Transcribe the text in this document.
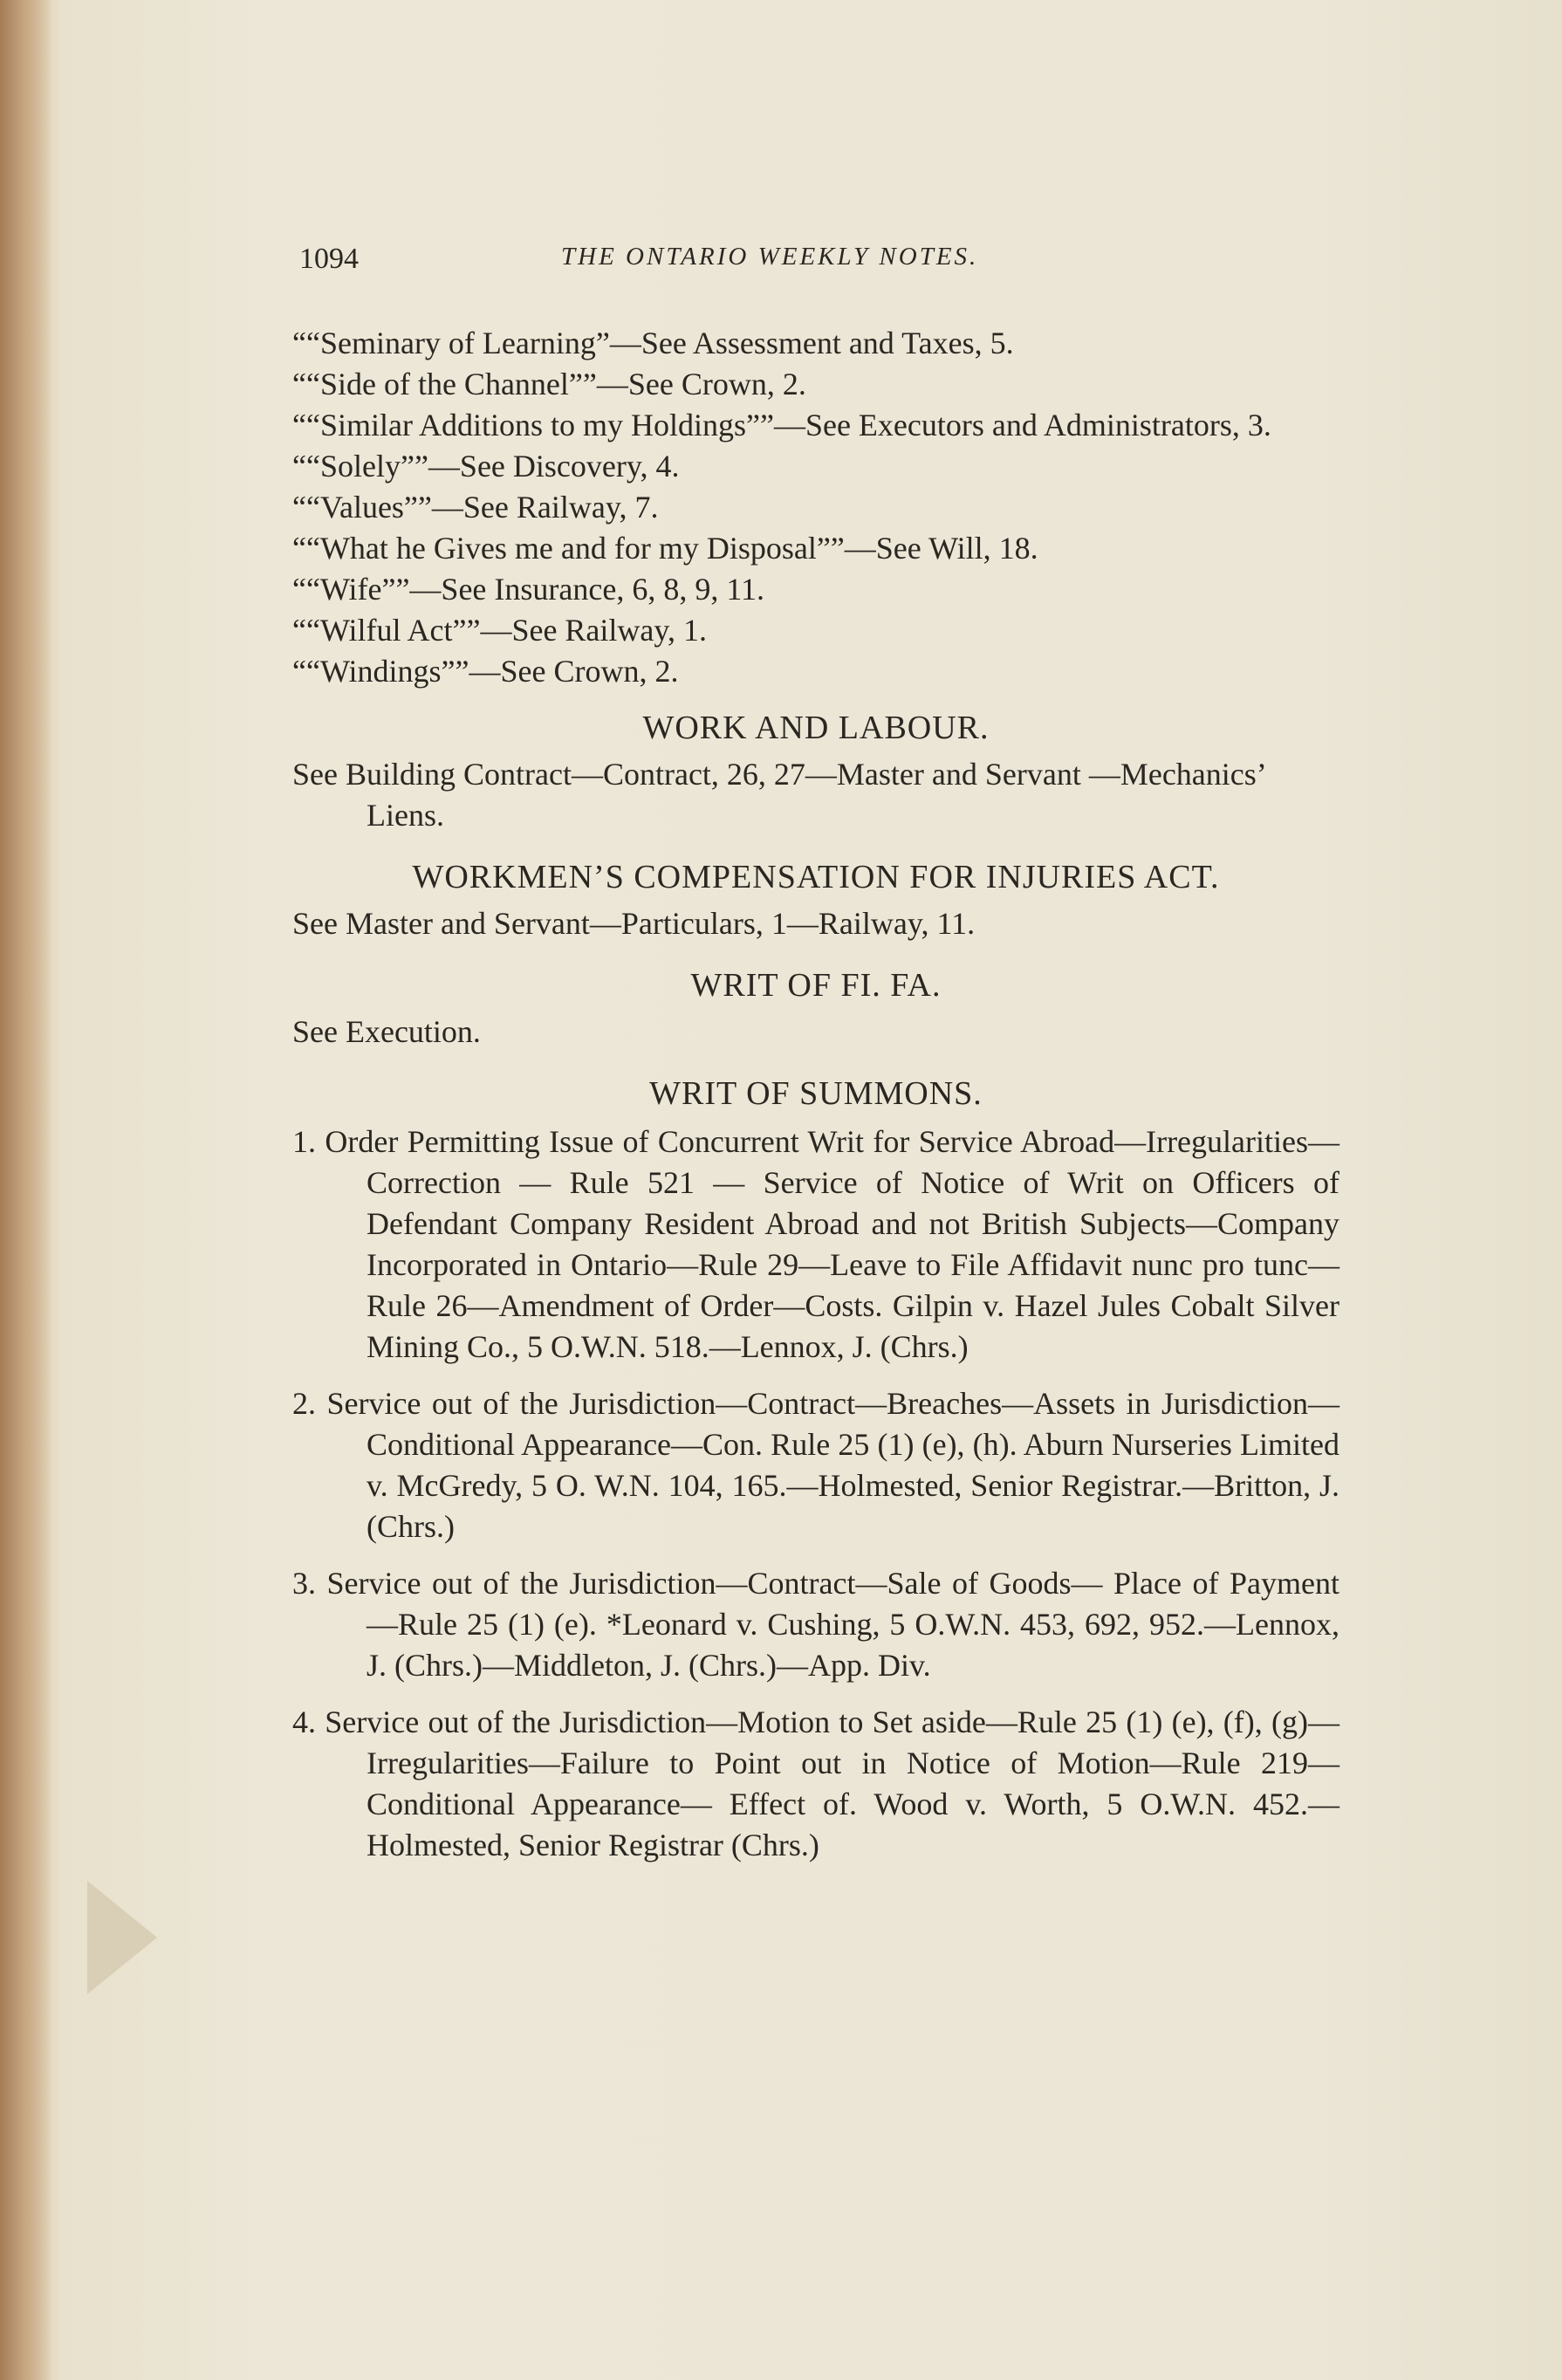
1094	THE ONTARIO WEEKLY NOTES.

““Seminary of Learning”—See Assessment and Taxes, 5.

““Side of the Channel””—See Crown, 2.

““Similar Additions to my Holdings””—See Executors and Administrators, 3.

““Solely””—See Discovery, 4.

““Values””—See Railway, 7.

““What he Gives me and for my Disposal””—See Will, 18.

““Wife””—See Insurance, 6, 8, 9, 11.

““Wilful Act””—See Railway, 1.

““Windings””—See Crown, 2.

WORK AND LABOUR.

See Building Contract—Contract, 26, 27—Master and Servant —Mechanics’ Liens.

WORKMEN’S COMPENSATION FOR INJURIES ACT.

See Master and Servant—Particulars, 1—Railway, 11.

WRIT OF FI. FA.

See Execution.

WRIT OF SUMMONS.

1. Order Permitting Issue of Concurrent Writ for Service Abroad—Irregularities—Correction — Rule 521 — Service of Notice of Writ on Officers of Defendant Company Resident Abroad and not British Subjects—Company Incorporated in Ontario—Rule 29—Leave to File Affidavit nunc pro tunc—Rule 26—Amendment of Order—Costs. Gilpin v. Hazel Jules Cobalt Silver Mining Co., 5 O.W.N. 518.—Lennox, J. (Chrs.)

2. Service out of the Jurisdiction—Contract—Breaches—Assets in Jurisdiction—Conditional Appearance—Con. Rule 25 (1) (e), (h). Aburn Nurseries Limited v. McGredy, 5 O. W.N. 104, 165.—Holmested, Senior Registrar.—Britton, J. (Chrs.)

3. Service out of the Jurisdiction—Contract—Sale of Goods— Place of Payment—Rule 25 (1) (e). *Leonard v. Cushing, 5 O.W.N. 453, 692, 952.—Lennox, J. (Chrs.)—Middleton, J. (Chrs.)—App. Div.

4. Service out of the Jurisdiction—Motion to Set aside—Rule 25 (1) (e), (f), (g)—Irregularities—Failure to Point out in Notice of Motion—Rule 219—Conditional Appearance— Effect of. Wood v. Worth, 5 O.W.N. 452.—Holmested, Senior Registrar (Chrs.)
